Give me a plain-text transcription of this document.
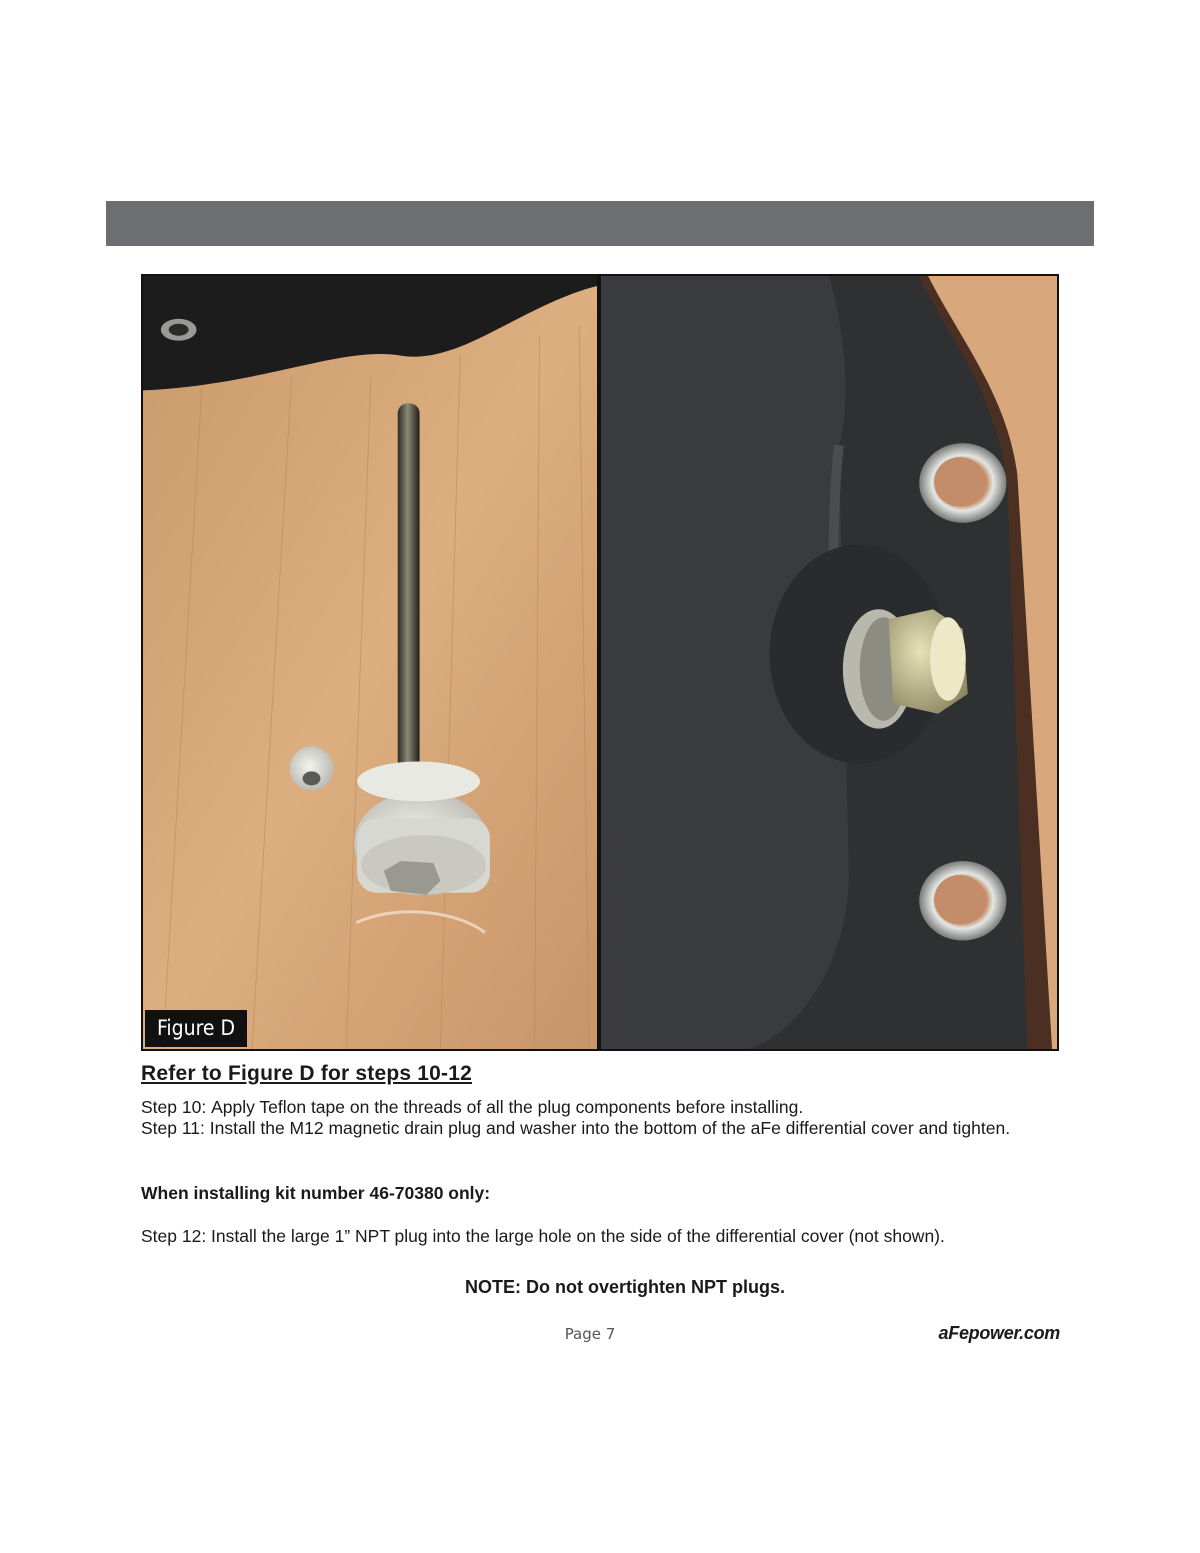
Figure D
Refer to Figure D for steps 10-12
Step 10: Apply Teflon tape on the threads of all the plug components before installing.
Step 11: Install the M12 magnetic drain plug and washer into the bottom of the aFe differential cover and tighten.
When installing kit number 46-70380 only:
Step 12: Install the large 1” NPT plug into the large hole on the side of the differential cover (not shown).
NOTE: Do not overtighten NPT plugs.
Page 7	aFepower.com
